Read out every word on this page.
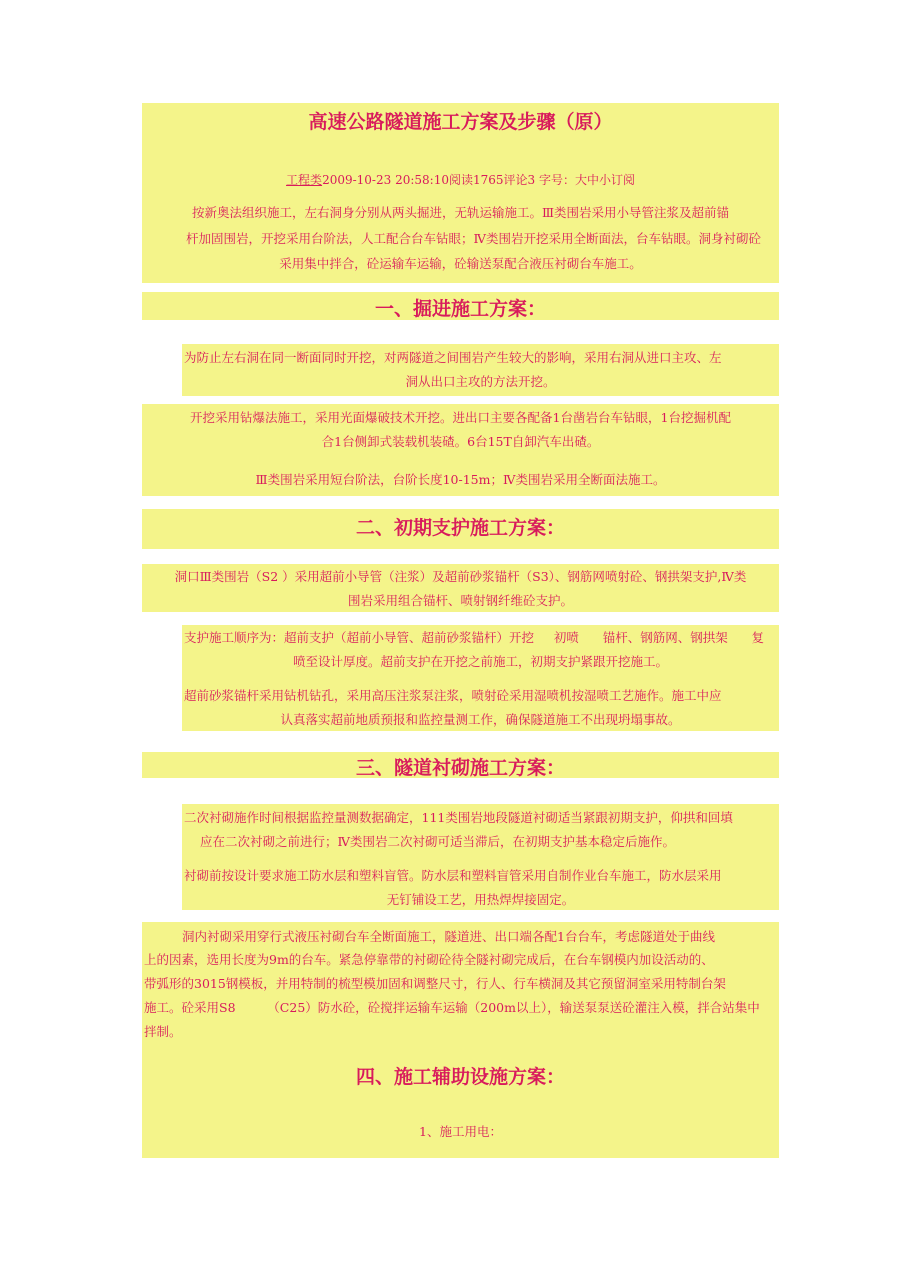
高速公路隧道施工方案及步骤（原）
工程类2009-10-23 20:58:10阅读1765评论3 字号：大中小订阅
按新奥法组织施工，左右洞身分别从两头掘进，无轨运输施工。Ⅲ类围岩采用小导管注浆及超前锚
杆加固围岩，开挖采用台阶法，人工配合台车钻眼；Ⅳ类围岩开挖采用全断面法，台车钻眼。洞身衬砌砼
采用集中拌合，砼运输车运输，砼输送泵配合液压衬砌台车施工。
一、掘进施工方案：
为防止左右洞在同一断面同时开挖，对两隧道之间围岩产生较大的影响，采用右洞从进口主攻、左
洞从出口主攻的方法开挖。
开挖采用钻爆法施工，采用光面爆破技术开挖。进出口主要各配备1台凿岩台车钻眼，1台挖掘机配
合1台侧卸式装载机装碴。6台15T自卸汽车出碴。
Ⅲ类围岩采用短台阶法，台阶长度10-15m；Ⅳ类围岩采用全断面法施工。
二、初期支护施工方案：
洞口Ⅲ类围岩（S2 ）采用超前小导管（注浆）及超前砂浆锚杆（S3）、钢筋网喷射砼、钢拱架支护,Ⅳ类
围岩采用组合锚杆、喷射钢纤维砼支护。
支护施工顺序为：超前支护（超前小导管、超前砂浆锚杆）开挖     初喷      锚杆、钢筋网、钢拱架      复
喷至设计厚度。超前支护在开挖之前施工，初期支护紧跟开挖施工。
超前砂浆锚杆采用钻机钻孔，采用高压注浆泵注浆，喷射砼采用湿喷机按湿喷工艺施作。施工中应
认真落实超前地质预报和监控量测工作，确保隧道施工不出现坍塌事故。
三、隧道衬砌施工方案：
二次衬砌施作时间根据监控量测数据确定，111类围岩地段隧道衬砌适当紧跟初期支护，仰拱和回填
应在二次衬砌之前进行；Ⅳ类围岩二次衬砌可适当滞后，在初期支护基本稳定后施作。
衬砌前按设计要求施工防水层和塑料盲管。防水层和塑料盲管采用自制作业台车施工，防水层采用
无钉铺设工艺，用热焊焊接固定。
洞内衬砌采用穿行式液压衬砌台车全断面施工，隧道进、出口端各配1台台车，考虑隧道处于曲线
上的因素，选用长度为9m的台车。紧急停靠带的衬砌砼待全隧衬砌完成后，在台车钢模内加设活动的、
带弧形的3015钢模板，并用特制的梳型模加固和调整尺寸，行人、行车横洞及其它预留洞室采用特制台架
施工。砼采用S8        （C25）防水砼，砼搅拌运输车运输（200m以上），输送泵泵送砼灌注入模，拌合站集中
拌制。
四、施工辅助设施方案：
1、施工用电：
